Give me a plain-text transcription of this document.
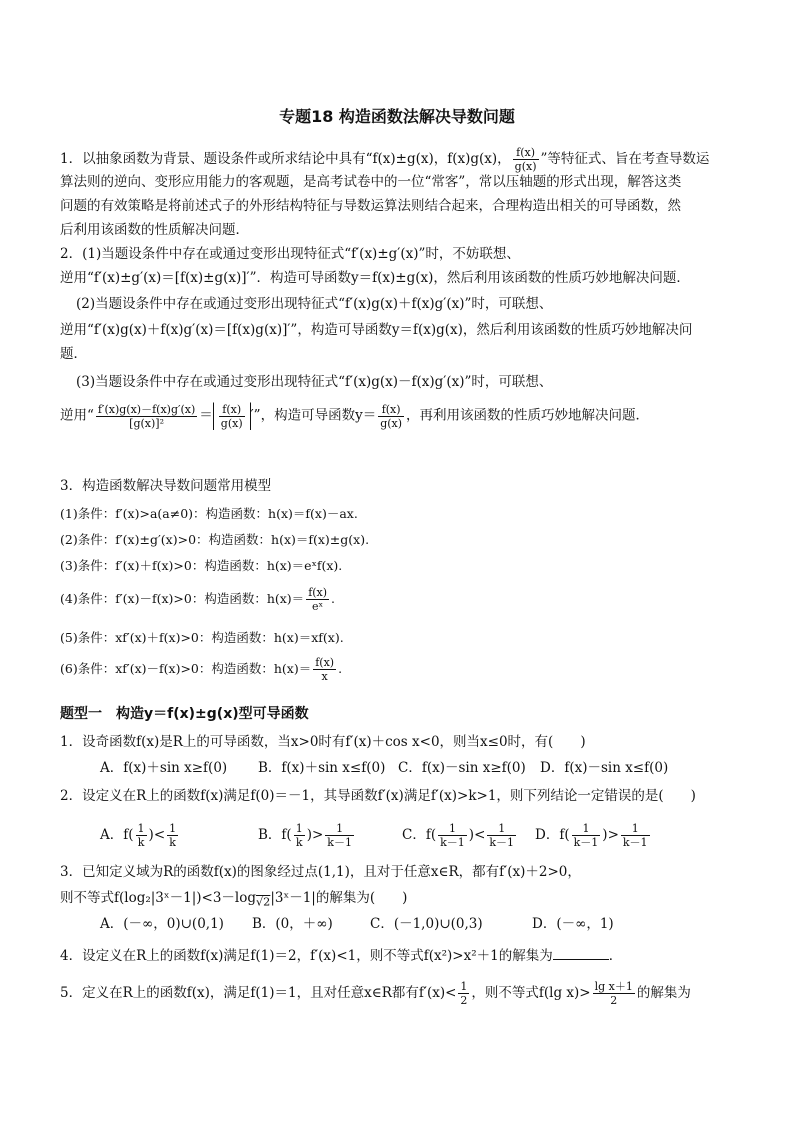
专题18 构造函数法解决导数问题
1．以抽象函数为背景、题设条件或所求结论中具有“f(x)±g(x)，f(x)g(x)， $\frac{f(x)}{g(x)}$ ”等特征式、旨在考查导数运
算法则的逆向、变形应用能力的客观题，是高考试卷中的一位“常客”，常以压轴题的形式出现，解答这类
问题的有效策略是将前述式子的外形结构特征与导数运算法则结合起来，合理构造出相关的可导函数，然
后利用该函数的性质解决问题．
2．(1)当题设条件中存在或通过变形出现特征式“f′(x)±g′(x)”时，不妨联想、
逆用“f′(x)±g′(x)＝[f(x)±g(x)]′”．构造可导函数y＝f(x)±g(x)，然后利用该函数的性质巧妙地解决问题．
(2)当题设条件中存在或通过变形出现特征式“f′(x)g(x)＋f(x)g′(x)”时，可联想、
逆用“f′(x)g(x)＋f(x)g′(x)＝[f(x)g(x)]′”，构造可导函数y＝f(x)g(x)，然后利用该函数的性质巧妙地解决问
题．
(3)当题设条件中存在或通过变形出现特征式“f′(x)g(x)－f(x)g′(x)”时，可联想、
逆用“ $\frac{f'(x)g(x)-f(x)g'(x)}{\text{[g(x)]²}} = \frac{f(x)}{g(x)}$ ′”，构造可导函数$y= \frac{f(x)}{g(x)}$ ，再利用该函数的性质巧妙地解决问题．
3．构造函数解决导数问题常用模型
(1)条件：f′(x)>a(a≠0)：构造函数：h(x)＝f(x)－ax.
(2)条件：f′(x)±g′(x)>0：构造函数：h(x)＝f(x)±g(x).
(3)条件：f′(x)＋f(x)>0：构造函数：h(x)＝eˣf(x).
(4)条件：f′(x)－f(x)>0：构造函数：$h(x)= \frac{f(x)}{\text{eˣ}}$ .
(5)条件：xf′(x)＋f(x)>0：构造函数：h(x)＝xf(x).
(6)条件：xf′(x)－f(x)>0：构造函数：$h(x)= \frac{f(x)}{x}$ .
题型一　构造y＝f(x)±g(x)型可导函数
1．设奇函数f(x)是R上的可导函数，当x>0时有f′(x)＋cos x<0，则当x≤0时，有(　　)
A．f(x)＋sin x≥f(0) B．f(x)＋sin x≤f(0) C．f(x)－sin x≥f(0) D．f(x)－sin x≤f(0)
2．设定义在R上的函数f(x)满足f(0)＝－1，其导函数f′(x)满足f′(x)>k>1，则下列结论一定错误的是(　　)
A．$f( \frac{1}{k}$ )< $\frac{1}{k}$	B．$f( \frac{1}{k}$ )> $\frac{1}{k-1}$	C．$f( \frac{1}{k-1}$ )< $\frac{1}{k-1}$ D．$f( \frac{1}{k-1}$ )> $\frac{1}{k-1}$
3．已知定义域为R的函数f(x)的图象经过点(1,1)，且对于任意x∈R，都有f′(x)＋2>0，
则不等式$f(\log_2|3ˣ-1|)<3-\log_{√2}|3ˣ-1|$的解集为(　　)
A．(－∞，0)∪(0,1) B．(0，＋∞)	C．(－1,0)∪(0,3)	D．(－∞，1)
4．设定义在R上的函数f(x)满足f(1)＝2，f′(x)<1，则不等式f(x²)>x²＋1的解集为	．
5．定义在R上的函数f(x)，满足f(1)＝1，且对任意x∈R都有$f'(x)< \frac{1}{2}$ ，则不等式f(lg $x)> \frac{\text{lg x＋1}}{2}$ 的解集为
